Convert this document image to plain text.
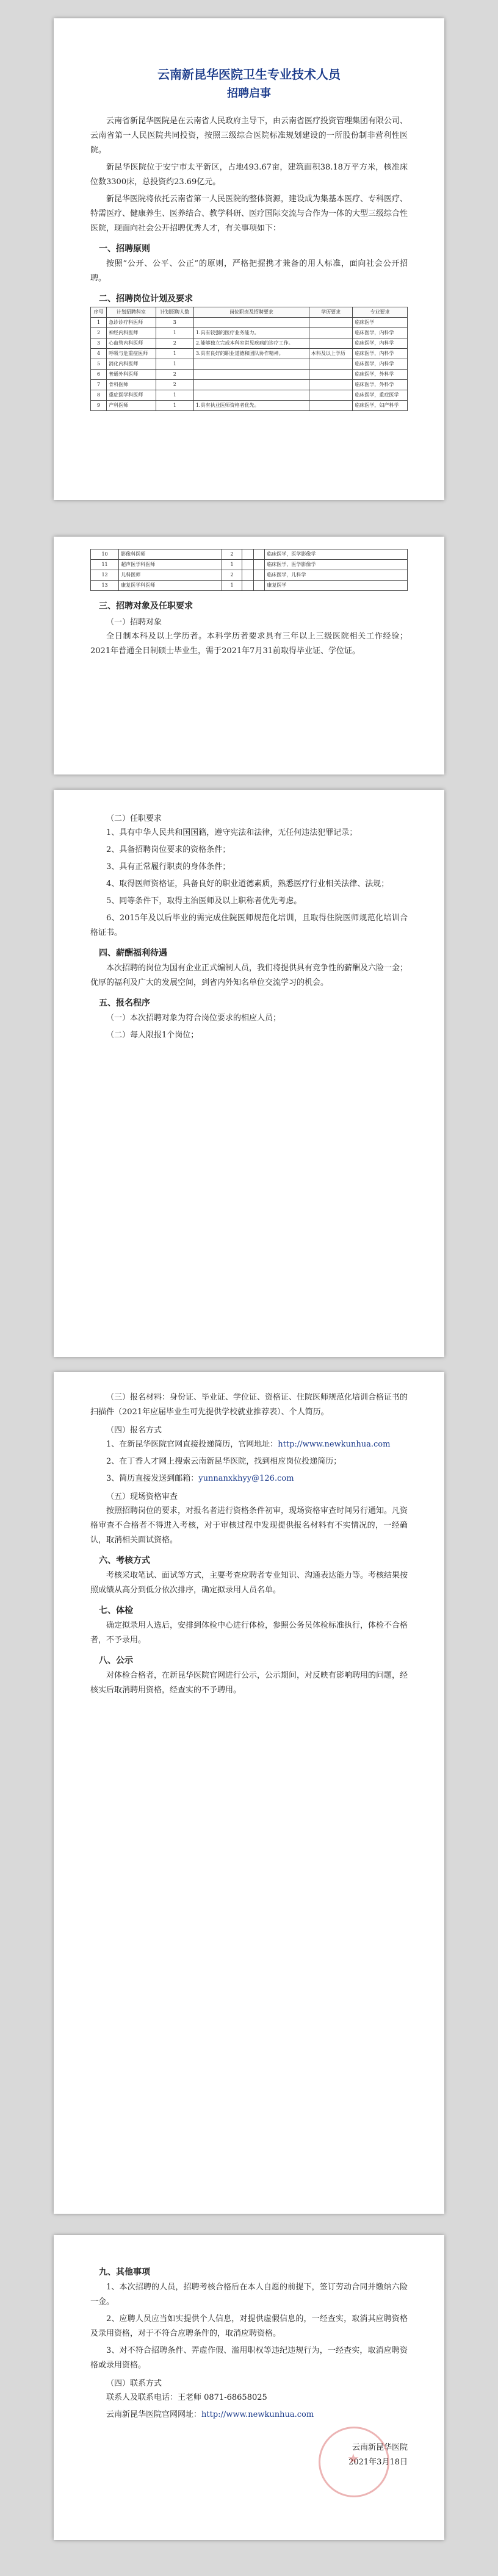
云南新昆华医院卫生专业技术人员
招聘启事

云南省新昆华医院是在云南省人民政府主导下，由云南省医疗投资管理集团有限公司、云南省第一人民医院共同投资，按照三级综合医院标准规划建设的一所股份制非营利性医院。

新昆华医院位于安宁市太平新区，占地493.67亩，建筑面积38.18万平方米，核准床位数3300床，总投资约23.69亿元。

新昆华医院将依托云南省第一人民医院的整体资源，建设成为集基本医疗、专科医疗、特需医疗、健康养生、医养结合、教学科研、医疗国际交流与合作为一体的大型三级综合性医院，现面向社会公开招聘优秀人才，有关事项如下：

一、招聘原则

按照“公开、公平、公正”的原则，严格把握携才兼备的用人标准，面向社会公开招聘。

二、招聘岗位计划及要求
序号	计划招聘科室	计划招聘人数	岗位职责及招聘要求	学历要求	专业要求
1	急诊诊疗科医师	3			临床医学
2	神经内科医师	1	1.具有较强的医疗业务能力。		临床医学，内科学
3	心血管内科医师	2	2.能够独立完成本科室常见疾病的诊疗工作。		临床医学，内科学
4	呼吸与危重症医师	1	3.具有良好的职业道德和团队协作精神。	本科及以上学历	临床医学，内科学
5	消化内科医师	1			临床医学，内科学
6	普通外科医师	2			临床医学，外科学
7	骨科医师	2			临床医学，外科学
8	重症医学科医师	1			临床医学，重症医学
9	产科医师	1	1.具有执业医师资格者优先。		临床医学，妇产科学
10	影像科医师	2			临床医学，医学影像学
11	超声医学科医师	1			临床医学，医学影像学
12	儿科医师	2			临床医学，儿科学
13	康复医学科医师	1			康复医学
三、招聘对象及任职要求
（一）招聘对象

全日制本科及以上学历者。本科学历者要求具有三年以上三级医院相关工作经验；2021年普通全日制硕士毕业生，需于2021年7月31前取得毕业证、学位证。

（二）任职要求

1、具有中华人民共和国国籍，遵守宪法和法律，无任何违法犯罪记录；

2、具备招聘岗位要求的资格条件；

3、具有正常履行职责的身体条件；

4、取得医师资格证，具备良好的职业道德素质，熟悉医疗行业相关法律、法规；

5、同等条件下，取得主治医师及以上职称者优先考虑。

6、2015年及以后毕业的需完成住院医师规范化培训，且取得住院医师规范化培训合格证书。

四、薪酬福利待遇

本次招聘的岗位为国有企业正式编制人员，我们将提供具有竞争性的薪酬及六险一金；优厚的福利及广大的发展空间，到省内外知名单位交流学习的机会。

五、报名程序

（一）本次招聘对象为符合岗位要求的相应人员；

（二）每人限报1个岗位；

（三）报名材料：身份证、毕业证、学位证、资格证、住院医师规范化培训合格证书的扫描件（2021年应届毕业生可先提供学校就业推荐表）、个人简历。

（四）报名方式

1、在新昆华医院官网直接投递简历，官网地址：http://www.newkunhua.com

2、在丁香人才网上搜索云南新昆华医院，找到相应岗位投递简历；

3、简历直接发送到邮箱：yunnanxkhyy@126.com

（五）现场资格审查

按照招聘岗位的要求，对报名者进行资格条件初审，现场资格审查时间另行通知。凡资格审查不合格者不得进入考核，对于审核过程中发现提供报名材料有不实情况的，一经确认，取消相关面试资格。

六、考核方式

考核采取笔试、面试等方式，主要考查应聘者专业知识、沟通表达能力等。考核结果按照成绩从高分到低分依次排序，确定拟录用人员名单。

七、体检

确定拟录用人选后，安排到体检中心进行体检，参照公务员体检标准执行，体检不合格者，不予录用。

八、公示

对体检合格者，在新昆华医院官网进行公示，公示期间，对反映有影响聘用的问题，经核实后取消聘用资格，经查实的不予聘用。

九、其他事项

1、本次招聘的人员，招聘考核合格后在本人自愿的前提下，签订劳动合同并缴纳六险一金。

2、应聘人员应当如实提供个人信息，对提供虚假信息的，一经查实，取消其应聘资格及录用资格，对于不符合应聘条件的，取消应聘资格。

3、对不符合招聘条件、弄虚作假、滥用职权等违纪违规行为，一经查实，取消应聘资格或录用资格。

（四）联系方式

联系人及联系电话：王老师 0871-68658025

云南新昆华医院官网网址：http://www.newkunhua.com

云南新昆华医院
2021年3月18日
★
